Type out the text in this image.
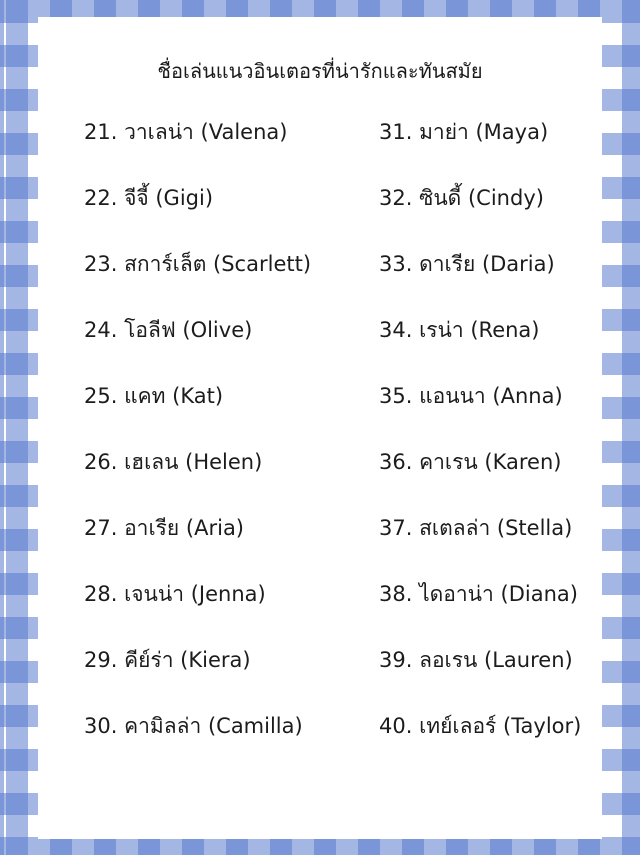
ชื่อเล่นแนวอินเตอรที่น่ารักและทันสมัย
21. วาเลน่า (Valena)
22. จีจี้ (Gigi)
23. สการ์เล็ต (Scarlett)
24. โอลีฟ (Olive)
25. แคท (Kat)
26. เฮเลน (Helen)
27. อาเรีย (Aria)
28. เจนน่า (Jenna)
29. คีย์ร่า (Kiera)
30. คามิลล่า (Camilla)
31. มาย่า (Maya)
32. ซินดี้ (Cindy)
33. ดาเรีย (Daria)
34. เรน่า (Rena)
35. แอนนา (Anna)
36. คาเรน (Karen)
37. สเตลล่า (Stella)
38. ไดอาน่า (Diana)
39. ลอเรน (Lauren)
40. เทย์เลอร์ (Taylor)
